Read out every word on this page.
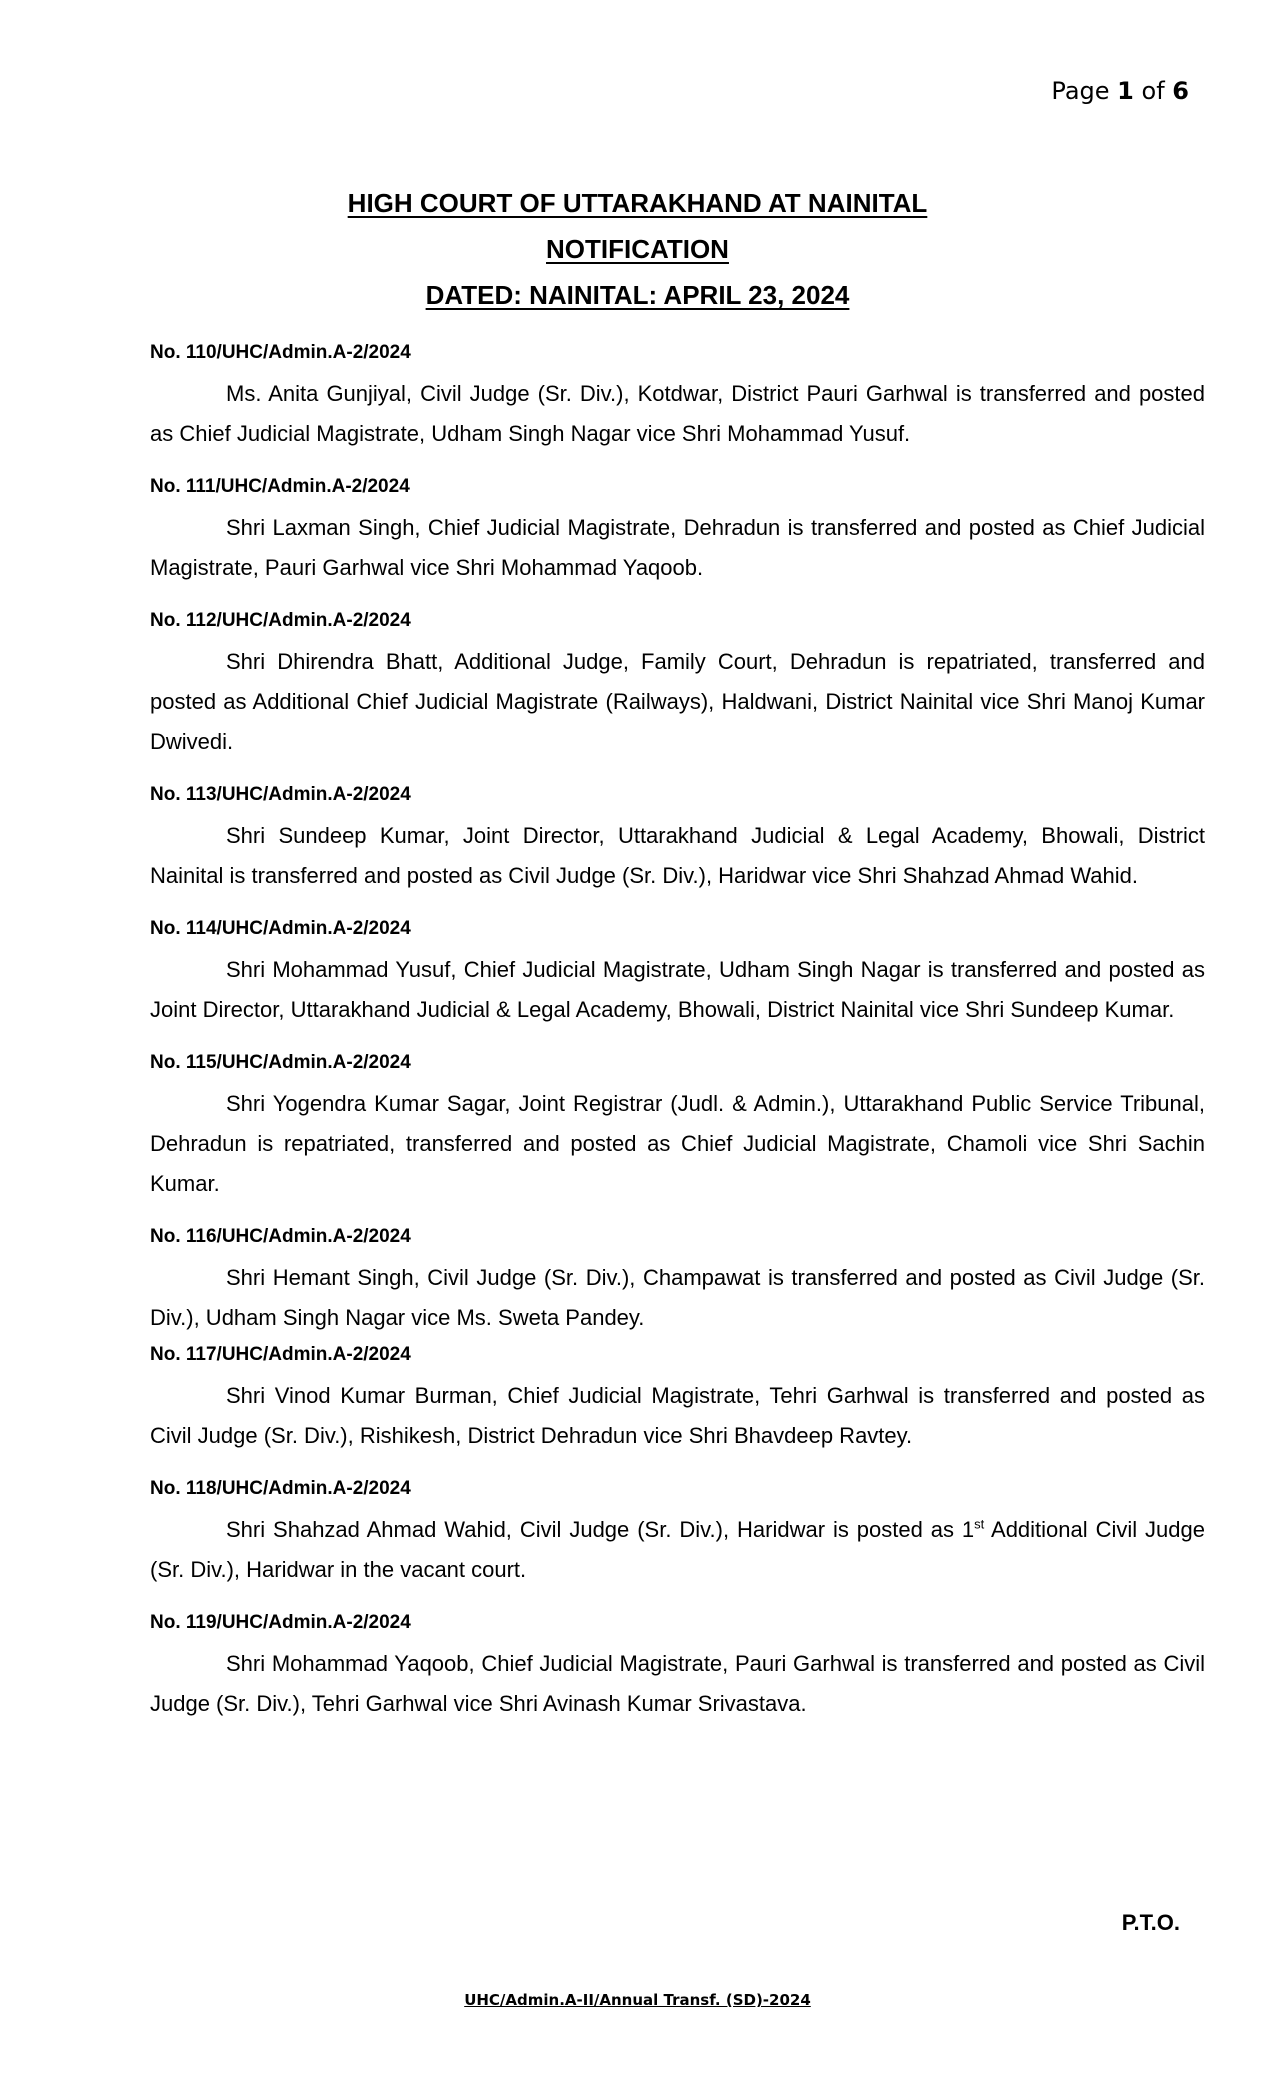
Page 1 of 6
HIGH COURT OF UTTARAKHAND AT NAINITAL
NOTIFICATION
DATED: NAINITAL: APRIL 23, 2024
No. 110/UHC/Admin.A-2/2024

Ms. Anita Gunjiyal, Civil Judge (Sr. Div.), Kotdwar, District Pauri Garhwal is transferred and posted as Chief Judicial Magistrate, Udham Singh Nagar vice Shri Mohammad Yusuf.

No. 111/UHC/Admin.A-2/2024

Shri Laxman Singh, Chief Judicial Magistrate, Dehradun is transferred and posted as Chief Judicial Magistrate, Pauri Garhwal vice Shri Mohammad Yaqoob.

No. 112/UHC/Admin.A-2/2024

Shri Dhirendra Bhatt, Additional Judge, Family Court, Dehradun is repatriated, transferred and posted as Additional Chief Judicial Magistrate (Railways), Haldwani, District Nainital vice Shri Manoj Kumar Dwivedi.

No. 113/UHC/Admin.A-2/2024

Shri Sundeep Kumar, Joint Director, Uttarakhand Judicial & Legal Academy, Bhowali, District Nainital is transferred and posted as Civil Judge (Sr. Div.), Haridwar vice Shri Shahzad Ahmad Wahid.

No. 114/UHC/Admin.A-2/2024

Shri Mohammad Yusuf, Chief Judicial Magistrate, Udham Singh Nagar is transferred and posted as Joint Director, Uttarakhand Judicial & Legal Academy, Bhowali, District Nainital vice Shri Sundeep Kumar.

No. 115/UHC/Admin.A-2/2024

Shri Yogendra Kumar Sagar, Joint Registrar (Judl. & Admin.), Uttarakhand Public Service Tribunal, Dehradun is repatriated, transferred and posted as Chief Judicial Magistrate, Chamoli vice Shri Sachin Kumar.

No. 116/UHC/Admin.A-2/2024

Shri Hemant Singh, Civil Judge (Sr. Div.), Champawat is transferred and posted as Civil Judge (Sr. Div.), Udham Singh Nagar vice Ms. Sweta Pandey.

No. 117/UHC/Admin.A-2/2024

Shri Vinod Kumar Burman, Chief Judicial Magistrate, Tehri Garhwal is transferred and posted as Civil Judge (Sr. Div.), Rishikesh, District Dehradun vice Shri Bhavdeep Ravtey.

No. 118/UHC/Admin.A-2/2024

Shri Shahzad Ahmad Wahid, Civil Judge (Sr. Div.), Haridwar is posted as 1st Additional Civil Judge (Sr. Div.), Haridwar in the vacant court.

No. 119/UHC/Admin.A-2/2024

Shri Mohammad Yaqoob, Chief Judicial Magistrate, Pauri Garhwal is transferred and posted as Civil Judge (Sr. Div.), Tehri Garhwal vice Shri Avinash Kumar Srivastava.

P.T.O.
UHC/Admin.A-II/Annual Transf. (SD)-2024
